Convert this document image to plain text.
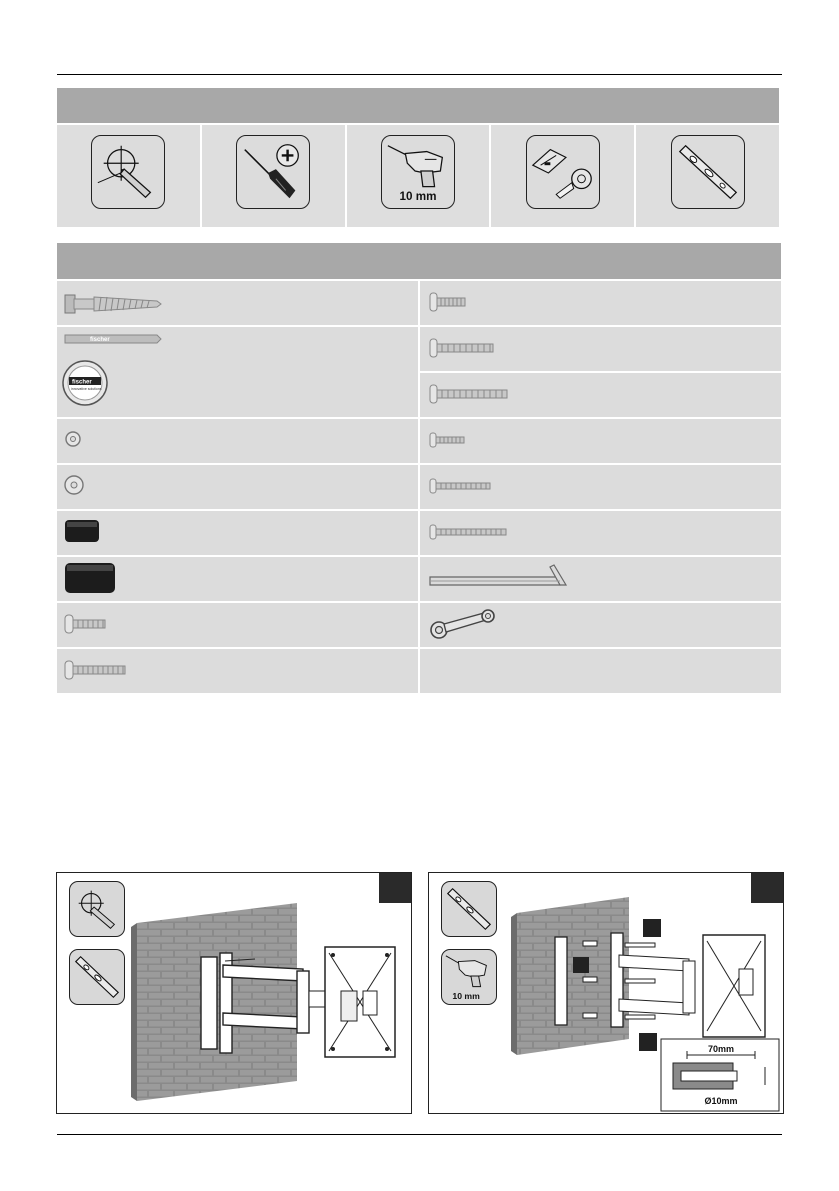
10 mm
fischer
fischer
innovative solutions
10 mm
70mm
Ø10mm
